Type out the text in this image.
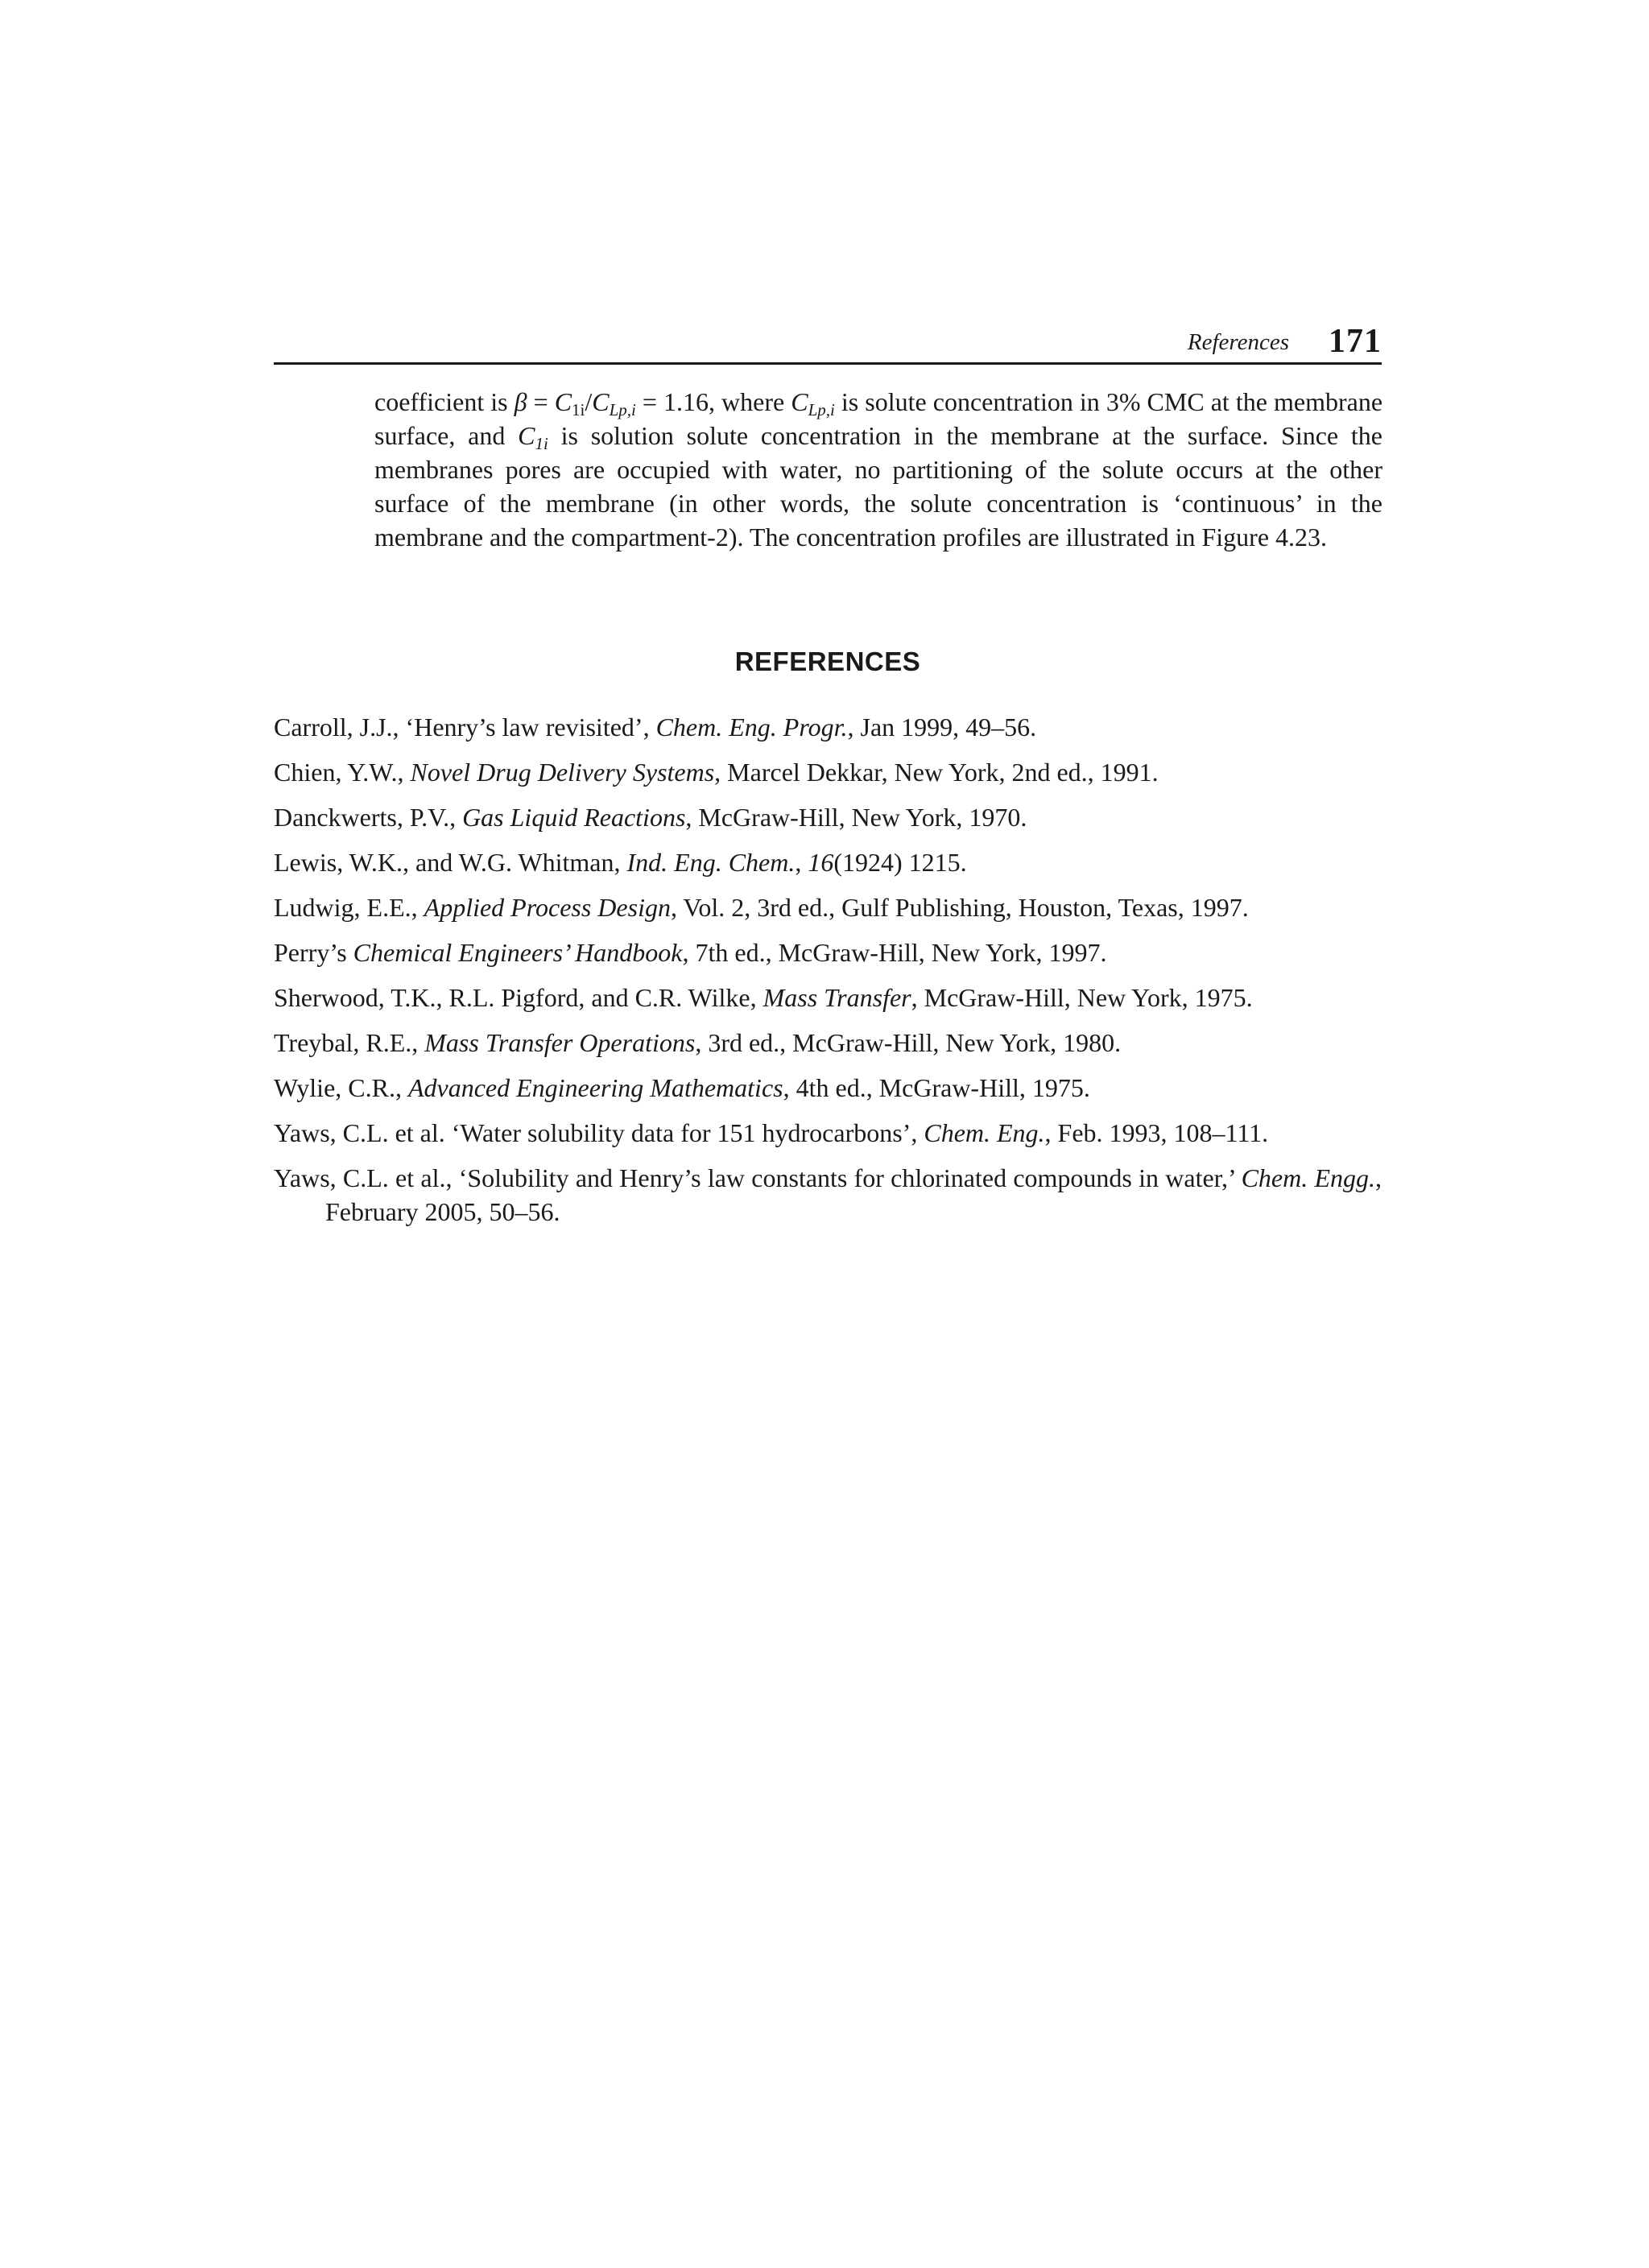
References 171

coefficient is $\beta = C_{1i}/C_{Lp,i} = 1.16$, where $C_{Lp,i}$ is solute concentration in 3% CMC at the membrane surface, and $C_{1i}$ is solution solute concentration in the membrane at the surface. Since the membranes pores are occupied with water, no partitioning of the solute occurs at the other surface of the membrane (in other words, the solute concentration is ‘continuous’ in the membrane and the compartment-2). The concentration profiles are illustrated in Figure 4.23.

REFERENCES
Carroll, J.J., ‘Henry’s law revisited’, Chem. Eng. Progr., Jan 1999, 49–56.
Chien, Y.W., Novel Drug Delivery Systems, Marcel Dekkar, New York, 2nd ed., 1991.
Danckwerts, P.V., Gas Liquid Reactions, McGraw-Hill, New York, 1970.
Lewis, W.K., and W.G. Whitman, Ind. Eng. Chem., 16(1924) 1215.
Ludwig, E.E., Applied Process Design, Vol. 2, 3rd ed., Gulf Publishing, Houston, Texas, 1997.
Perry’s Chemical Engineers’ Handbook, 7th ed., McGraw-Hill, New York, 1997.
Sherwood, T.K., R.L. Pigford, and C.R. Wilke, Mass Transfer, McGraw-Hill, New York, 1975.
Treybal, R.E., Mass Transfer Operations, 3rd ed., McGraw-Hill, New York, 1980.
Wylie, C.R., Advanced Engineering Mathematics, 4th ed., McGraw-Hill, 1975.
Yaws, C.L. et al. ‘Water solubility data for 151 hydrocarbons’, Chem. Eng., Feb. 1993, 108–111.
Yaws, C.L. et al., ‘Solubility and Henry’s law constants for chlorinated compounds in water,’ Chem. Engg., February 2005, 50–56.
